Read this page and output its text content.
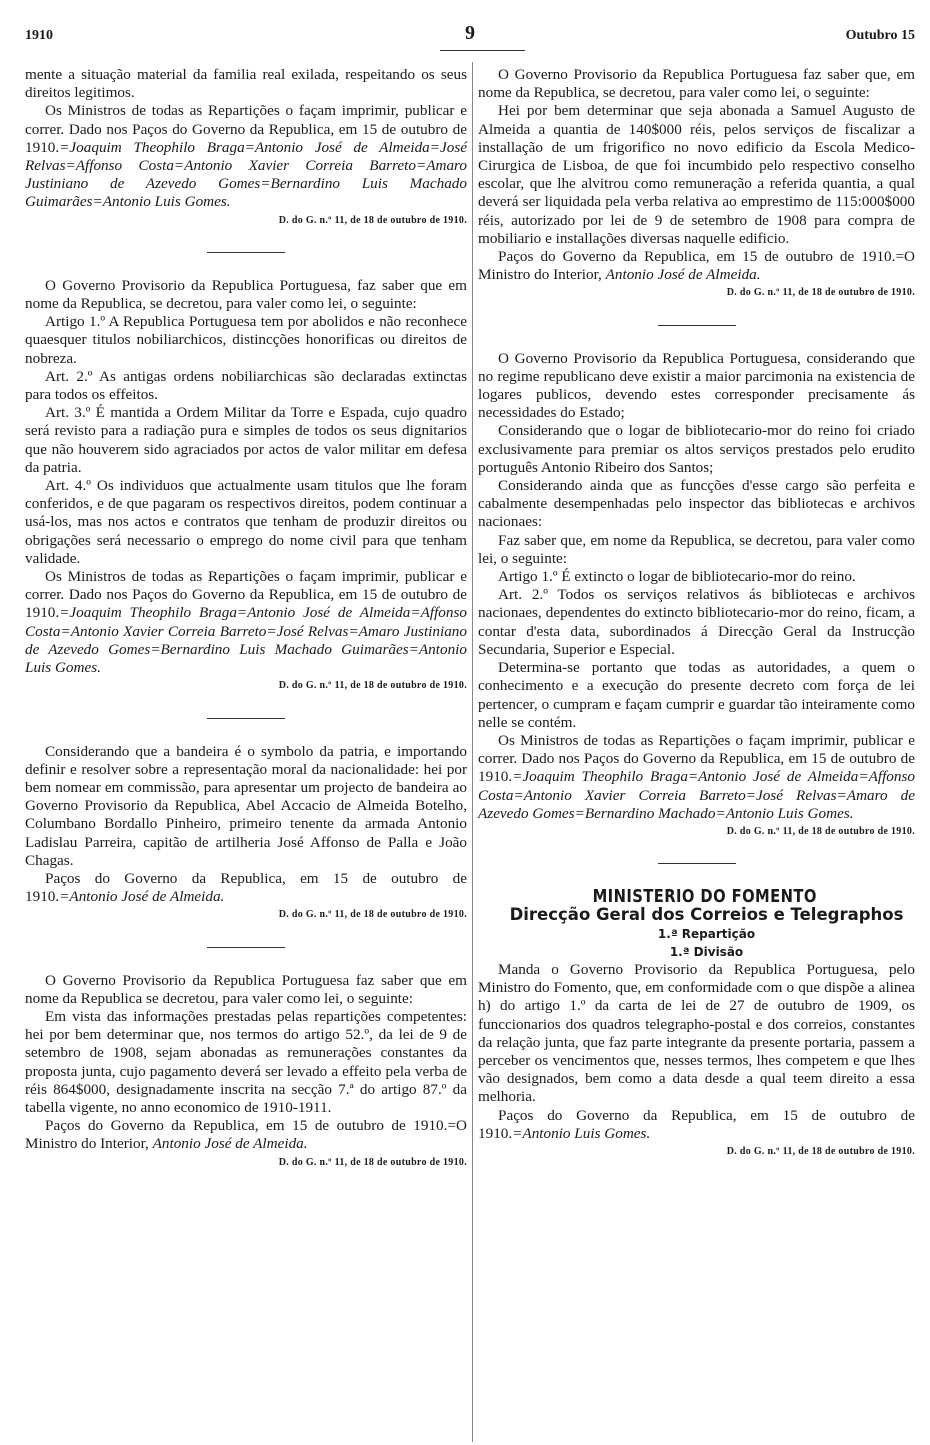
1910	9	Outubro 15

mente a situação material da familia real exilada, respeitando os seus direitos legitimos.

Os Ministros de todas as Repartições o façam imprimir, publicar e correr. Dado nos Paços do Governo da Republica, em 15 de outubro de 1910.=Joaquim Theophilo Braga=Antonio José de Almeida=José Relvas=Affonso Costa=Antonio Xavier Correia Barreto=Amaro Justiniano de Azevedo Gomes=Bernardino Luis Machado Guimarães=Antonio Luis Gomes.

D. do G. n.º 11, de 18 de outubro de 1910.

O Governo Provisorio da Republica Portuguesa, faz saber que em nome da Republica, se decretou, para valer como lei, o seguinte:

Artigo 1.º A Republica Portuguesa tem por abolidos e não reconhece quaesquer titulos nobiliarchicos, distincções honorificas ou direitos de nobreza.

Art. 2.º As antigas ordens nobiliarchicas são declaradas extinctas para todos os effeitos.

Art. 3.º É mantida a Ordem Militar da Torre e Espada, cujo quadro será revisto para a radiação pura e simples de todos os seus dignitarios que não houverem sido agraciados por actos de valor militar em defesa da patria.

Art. 4.º Os individuos que actualmente usam titulos que lhe foram conferidos, e de que pagaram os respectivos direitos, podem continuar a usá-los, mas nos actos e contratos que tenham de produzir direitos ou obrigações será necessario o emprego do nome civil para que tenham validade.

Os Ministros de todas as Repartições o façam imprimir, publicar e correr. Dado nos Paços do Governo da Republica, em 15 de outubro de 1910.=Joaquim Theophilo Braga=Antonio José de Almeida=Affonso Costa=Antonio Xavier Correia Barreto=José Relvas=Amaro Justiniano de Azevedo Gomes=Bernardino Luis Machado Guimarães=Antonio Luis Gomes.

D. do G. n.º 11, de 18 de outubro de 1910.

Considerando que a bandeira é o symbolo da patria, e importando definir e resolver sobre a representação moral da nacionalidade: hei por bem nomear em commissão, para apresentar um projecto de bandeira ao Governo Provisorio da Republica, Abel Accacio de Almeida Botelho, Columbano Bordallo Pinheiro, primeiro tenente da armada Antonio Ladislau Parreira, capitão de artilheria José Affonso de Palla e João Chagas.

Paços do Governo da Republica, em 15 de outubro de 1910.=Antonio José de Almeida.

D. do G. n.º 11, de 18 de outubro de 1910.

O Governo Provisorio da Republica Portuguesa faz saber que em nome da Republica se decretou, para valer como lei, o seguinte:

Em vista das informações prestadas pelas repartições competentes: hei por bem determinar que, nos termos do artigo 52.º, da lei de 9 de setembro de 1908, sejam abonadas as remunerações constantes da proposta junta, cujo pagamento deverá ser levado a effeito pela verba de réis 864$000, designadamente inscrita na secção 7.ª do artigo 87.º da tabella vigente, no anno economico de 1910-1911.

Paços do Governo da Republica, em 15 de outubro de 1910.=O Ministro do Interior, Antonio José de Almeida.

D. do G. n.º 11, de 18 de outubro de 1910.

O Governo Provisorio da Republica Portuguesa faz saber que, em nome da Republica, se decretou, para valer como lei, o seguinte:

Hei por bem determinar que seja abonada a Samuel Augusto de Almeida a quantia de 140$000 réis, pelos serviços de fiscalizar a installação de um frigorifico no novo edificio da Escola Medico-Cirurgica de Lisboa, de que foi incumbido pelo respectivo conselho escolar, que lhe alvitrou como remuneração a referida quantia, a qual deverá ser liquidada pela verba relativa ao emprestimo de 115:000$000 réis, autorizado por lei de 9 de setembro de 1908 para compra de mobiliario e installações diversas naquelle edificio.

Paços do Governo da Republica, em 15 de outubro de 1910.=O Ministro do Interior, Antonio José de Almeida.

D. do G. n.º 11, de 18 de outubro de 1910.

O Governo Provisorio da Republica Portuguesa, considerando que no regime republicano deve existir a maior parcimonia na existencia de logares publicos, devendo estes corresponder precisamente ás necessidades do Estado;

Considerando que o logar de bibliotecario-mor do reino foi criado exclusivamente para premiar os altos serviços prestados pelo erudito português Antonio Ribeiro dos Santos;

Considerando ainda que as funcções d'esse cargo são perfeita e cabalmente desempenhadas pelo inspector das bibliotecas e archivos nacionaes:

Faz saber que, em nome da Republica, se decretou, para valer como lei, o seguinte:

Artigo 1.º É extincto o logar de bibliotecario-mor do reino.

Art. 2.º Todos os serviços relativos ás bibliotecas e archivos nacionaes, dependentes do extincto bibliotecario-mor do reino, ficam, a contar d'esta data, subordinados á Direcção Geral da Instrucção Secundaria, Superior e Especial.

Determina-se portanto que todas as autoridades, a quem o conhecimento e a execução do presente decreto com força de lei pertencer, o cumpram e façam cumprir e guardar tão inteiramente como nelle se contém.

Os Ministros de todas as Repartições o façam imprimir, publicar e correr. Dado nos Paços do Governo da Republica, em 15 de outubro de 1910.=Joaquim Theophilo Braga=Antonio José de Almeida=Affonso Costa=Antonio Xavier Correia Barreto=José Relvas=Amaro de Azevedo Gomes=Bernardino Machado=Antonio Luis Gomes.

D. do G. n.º 11, de 18 de outubro de 1910.

MINISTERIO DO FOMENTO

Direcção Geral dos Correios e Telegraphos

1.ª Repartição

1.ª Divisão

Manda o Governo Provisorio da Republica Portuguesa, pelo Ministro do Fomento, que, em conformidade com o que dispõe a alinea h) do artigo 1.º da carta de lei de 27 de outubro de 1909, os funccionarios dos quadros telegrapho-postal e dos correios, constantes da relação junta, que faz parte integrante da presente portaria, passem a perceber os vencimentos que, nesses termos, lhes competem e que lhes vão designados, bem como a data desde a qual teem direito a essa melhoria.

Paços do Governo da Republica, em 15 de outubro de 1910.=Antonio Luis Gomes.

D. do G. n.º 11, de 18 de outubro de 1910.
